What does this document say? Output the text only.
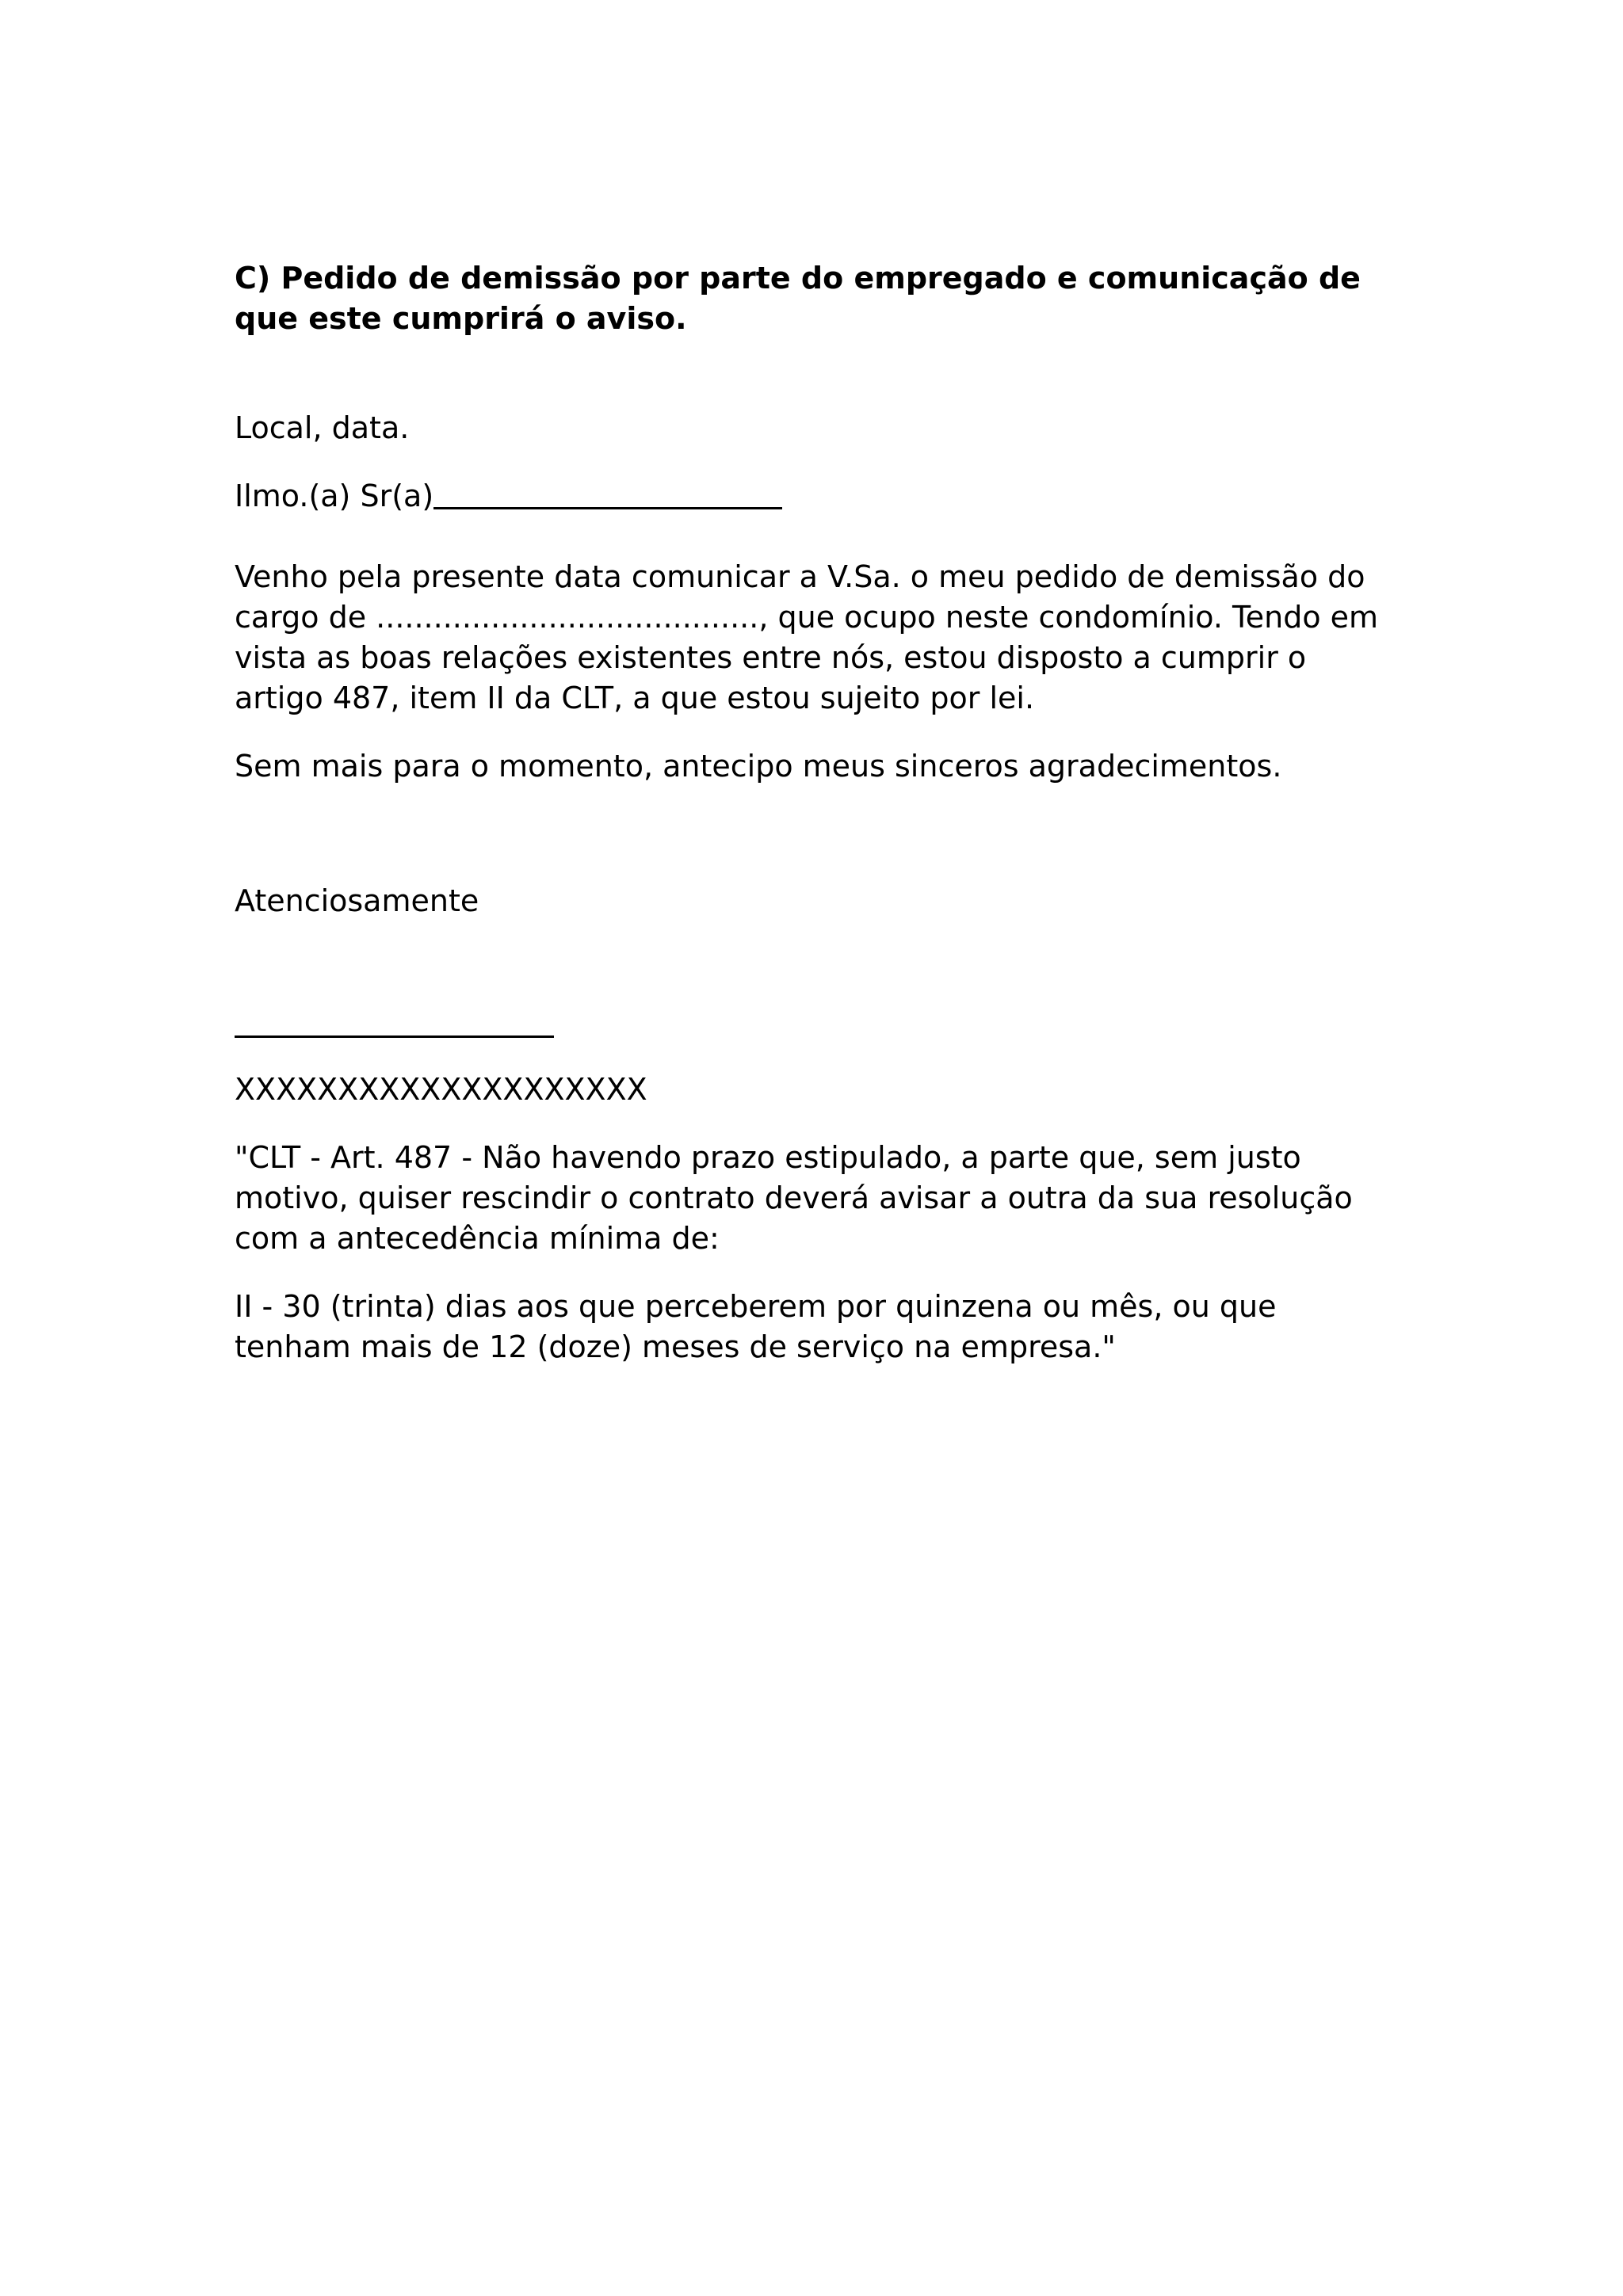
C) Pedido de demissão por parte do empregado e comunicação de que este cumprirá o aviso.

Local, data.

Ilmo.(a) Sr(a)

Venho pela presente data comunicar a V.Sa. o meu pedido de demissão do cargo de ........................................, que ocupo neste condomínio. Tendo em vista as boas relações existentes entre nós, estou disposto a cumprir o artigo 487, item II da CLT, a que estou sujeito por lei.

Sem mais para o momento, antecipo meus sinceros agradecimentos.

Atenciosamente

XXXXXXXXXXXXXXXXXXXX

"CLT - Art. 487 - Não havendo prazo estipulado, a parte que, sem justo motivo, quiser rescindir o contrato deverá avisar a outra da sua resolução com a antecedência mínima de:

II - 30 (trinta) dias aos que perceberem por quinzena ou mês, ou que tenham mais de 12 (doze) meses de serviço na empresa."
